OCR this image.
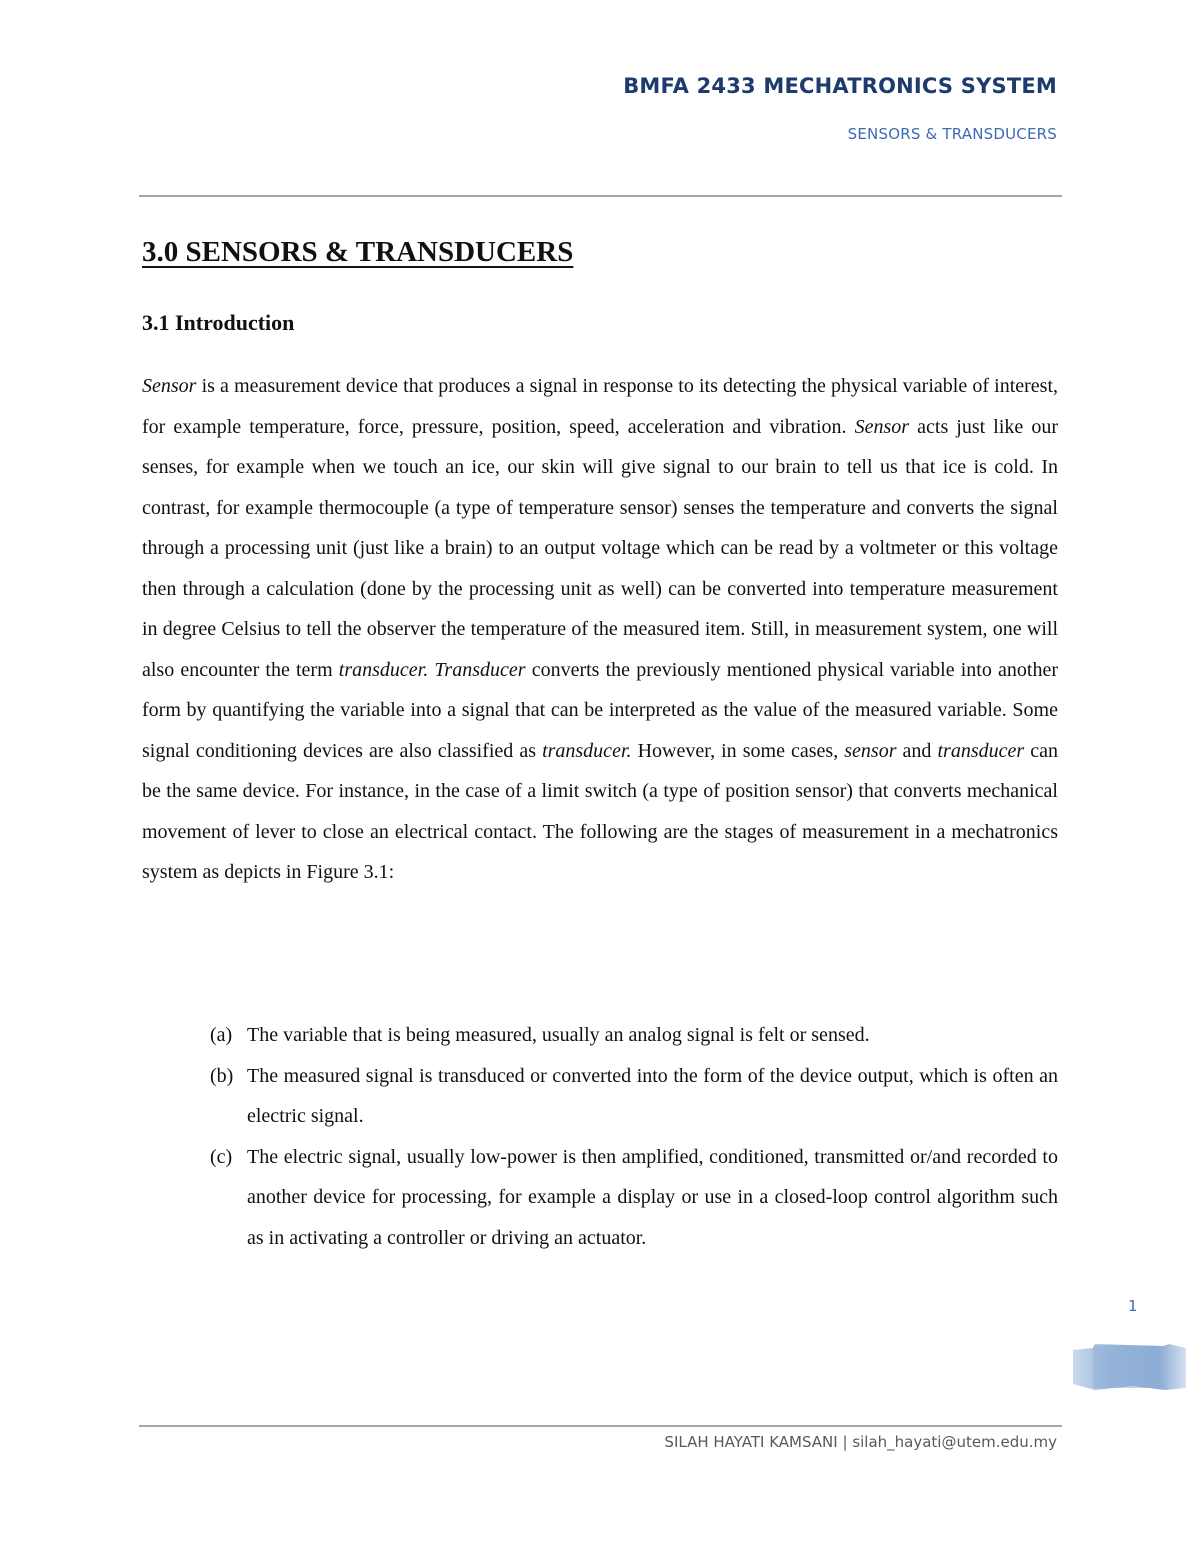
BMFA 2433 MECHATRONICS SYSTEM
SENSORS & TRANSDUCERS
3.0 SENSORS & TRANSDUCERS
3.1 Introduction

Sensor is a measurement device that produces a signal in response to its detecting the physical variable of interest, for example temperature, force, pressure, position, speed, acceleration and vibration. Sensor acts just like our senses, for example when we touch an ice, our skin will give signal to our brain to tell us that ice is cold. In contrast, for example thermocouple (a type of temperature sensor) senses the temperature and converts the signal through a processing unit (just like a brain) to an output voltage which can be read by a voltmeter or this voltage then through a calculation (done by the processing unit as well) can be converted into temperature measurement in degree Celsius to tell the observer the temperature of the measured item. Still, in measurement system, one will also encounter the term transducer. Transducer converts the previously mentioned physical variable into another form by quantifying the variable into a signal that can be interpreted as the value of the measured variable. Some signal conditioning devices are also classified as transducer. However, in some cases, sensor and transducer can be the same device. For instance, in the case of a limit switch (a type of position sensor) that converts mechanical movement of lever to close an electrical contact. The following are the stages of measurement in a mechatronics system as depicts in Figure 3.1:

(a) The variable that is being measured, usually an analog signal is felt or sensed.
(b) The measured signal is transduced or converted into the form of the device output, which is often an electric signal.
(c) The electric signal, usually low-power is then amplified, conditioned, transmitted or/and recorded to another device for processing, for example a display or use in a closed-loop control algorithm such as in activating a controller or driving an actuator.
1
SILAH HAYATI KAMSANI | silah_hayati@utem.edu.my
